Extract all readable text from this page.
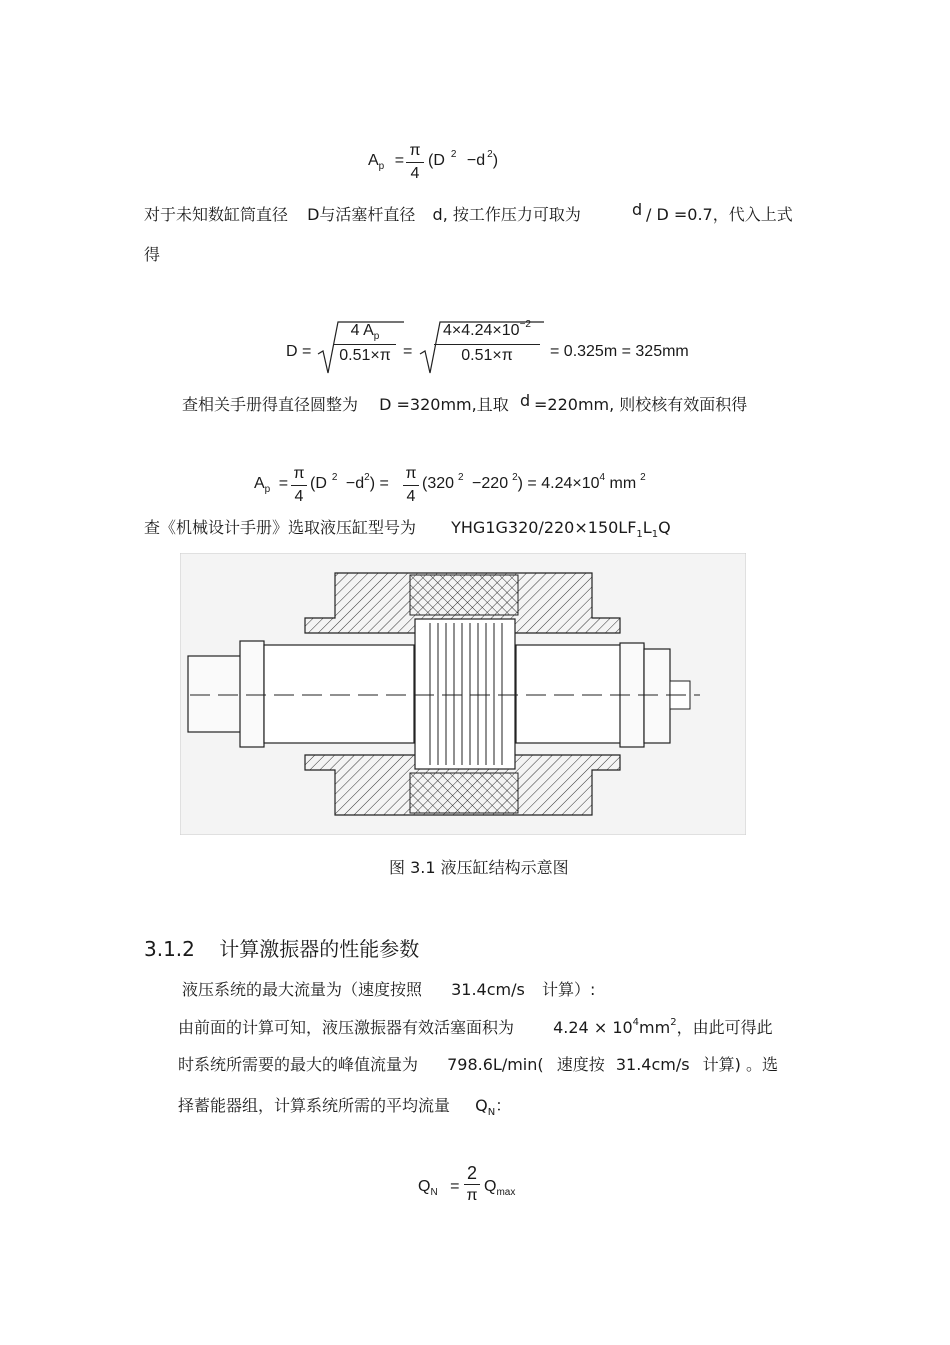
$A_p$ =
π
4
(D $^2$ −d $^2$)
对于未知数缸筒直径 D与活塞杆直径 d, 按工作压力可取为	d / D =0.7，代入上式
得
D =
4 $A_p$
0.51×π =
$4\times 4.24\times 10^{-2}$
0.51×π	= 0.325m = 325mm
查相关手册得直径圆整为 D =320mm,且取 d =220mm, 则校核有效面积得
$A_p$ =
π
4
(D $^2 -d^2$) =
π
4
(320 $^2$ −220 $^2) = 4.24\times 10^4$ mm $^2$
查《机械设计手册》选取液压缸型号为 $YHG1G320/220\times 150LF_1L_1Q$
图 3.1 液压缸结构示意图
3.1.2 计算激振器的性能参数
液压系统的最大流量为（速度按照 31.4cm/s 计算）:
由前面的计算可知，液压激振器有效活塞面积为 $4.24 \times 10^4mm^2$，由此可得此
时系统所需要的最大的峰值流量为 798.6L/min( 速度按 31.4cm/s 计算) 。选
择蓄能器组，计算系统所需的平均流量 $Q_N$：
$Q_N$ =
2
π
$Q_{max}$
